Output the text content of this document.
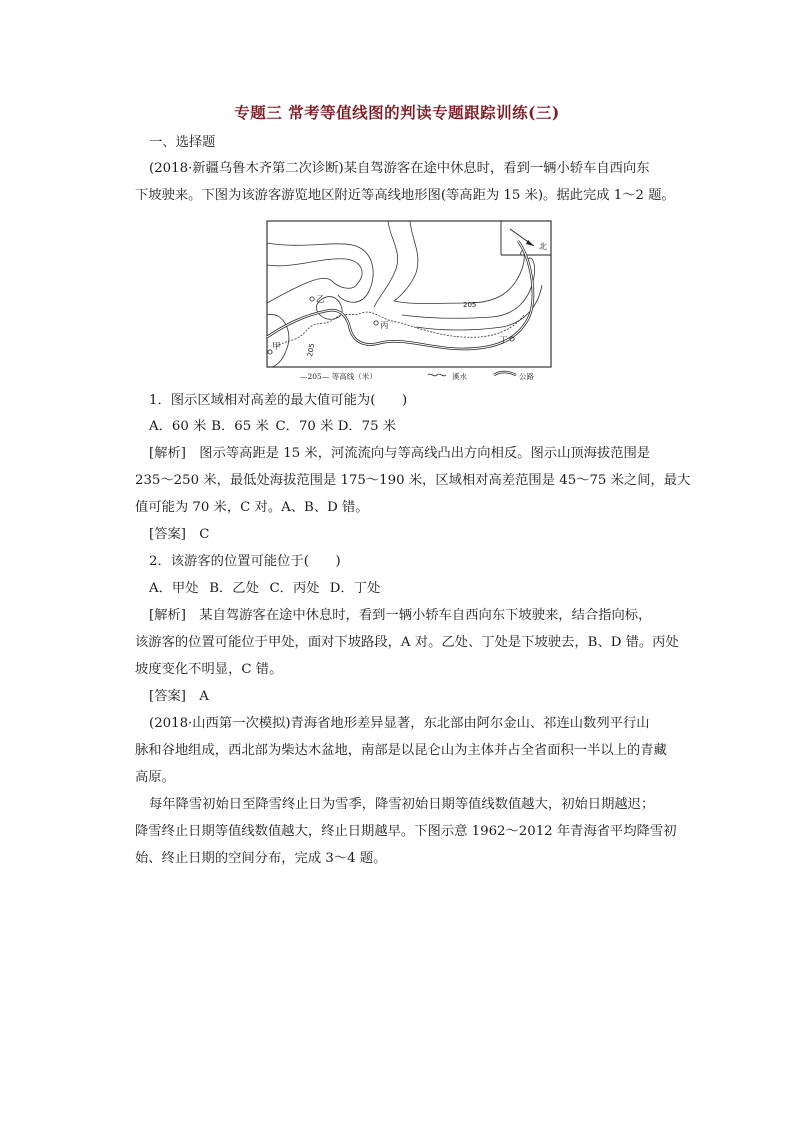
专题三 常考等值线图的判读专题跟踪训练(三)
一、选择题
(2018·新疆乌鲁木齐第二次诊断)某自驾游客在途中休息时，看到一辆小轿车自西向东
下坡驶来。下图为该游客游览地区附近等高线地形图(等高距为 15 米)。据此完成 1～2 题。
北
205
205
乙
丙
甲
丁
—205— 等高线（米）	溪水	公路
1．图示区域相对高差的最大值可能为(　　)
A．60 米 B．65 米 C．70 米 D．75 米
[解析]　图示等高距是 15 米，河流流向与等高线凸出方向相反。图示山顶海拔范围是
235～250 米，最低处海拔范围是 175～190 米，区域相对高差范围是 45～75 米之间，最大
值可能为 70 米，C 对。A、B、D 错。
[答案]　C
2．该游客的位置可能位于(　　)
A．甲处 B．乙处 C．丙处 D．丁处
[解析]　某自驾游客在途中休息时，看到一辆小轿车自西向东下坡驶来，结合指向标，
该游客的位置可能位于甲处，面对下坡路段，A 对。乙处、丁处是下坡驶去，B、D 错。丙处
坡度变化不明显，C 错。
[答案]　A
(2018·山西第一次模拟)青海省地形差异显著，东北部由阿尔金山、祁连山数列平行山
脉和谷地组成，西北部为柴达木盆地，南部是以昆仑山为主体并占全省面积一半以上的青藏
高原。
每年降雪初始日至降雪终止日为雪季，降雪初始日期等值线数值越大，初始日期越迟；
降雪终止日期等值线数值越大，终止日期越早。下图示意 1962～2012 年青海省平均降雪初
始、终止日期的空间分布，完成 3～4 题。
